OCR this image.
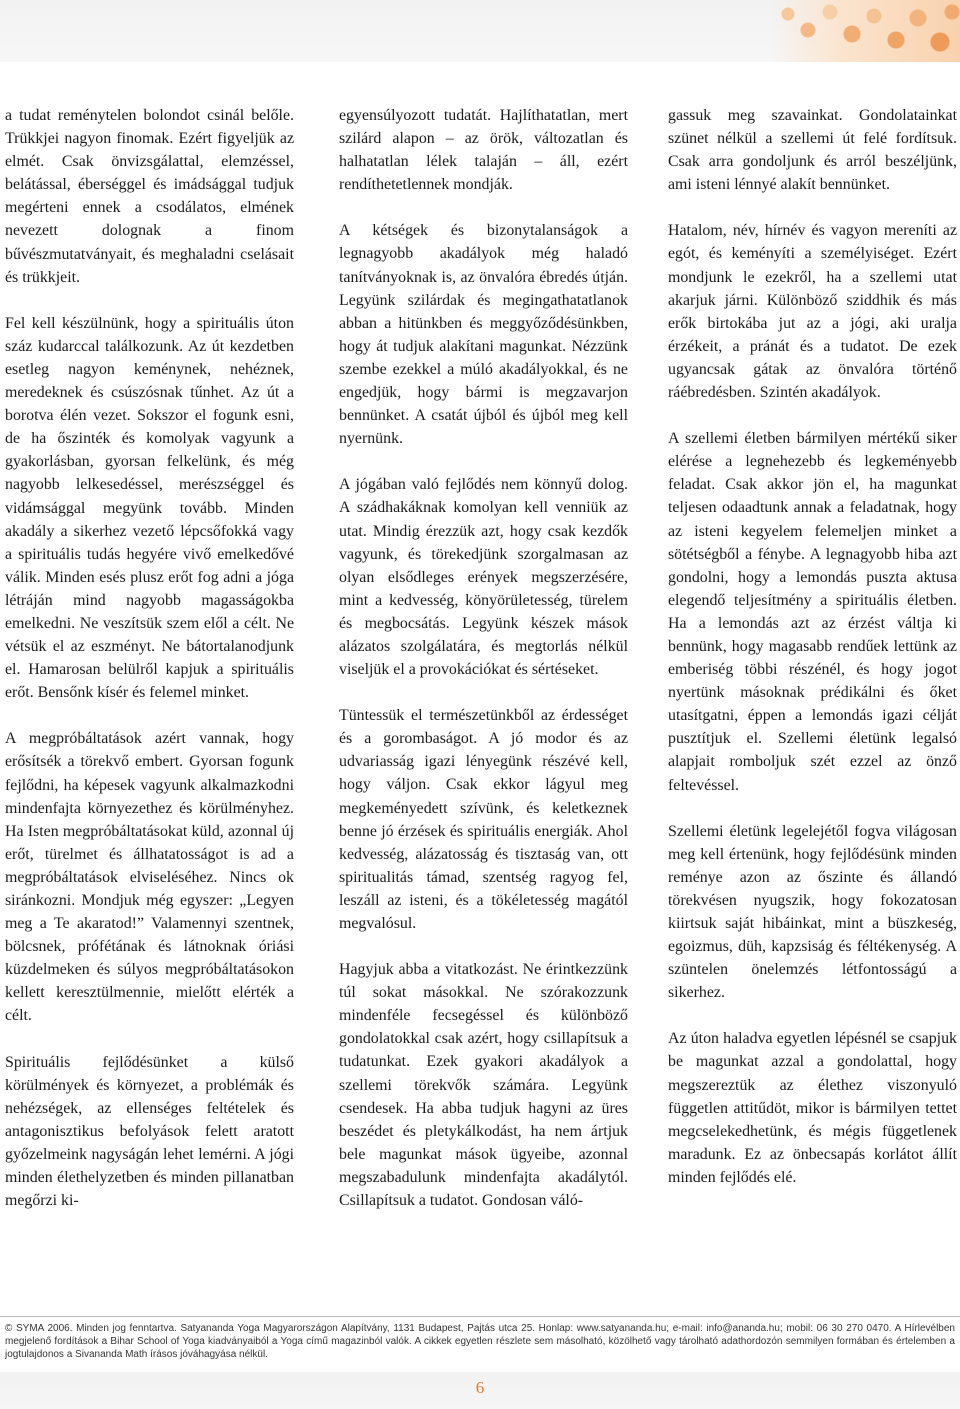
a tudat reménytelen bolondot csinál belőle. Trükkjei nagyon finomak. Ezért figyeljük az elmét. Csak önvizsgálattal, elemzéssel, belátással, éberséggel és imádsággal tudjuk megérteni ennek a csodálatos, elmének nevezett dolognak a finom bűvészmutatványait, és meghaladni cselásait és trükkjeit.

Fel kell készülnünk, hogy a spirituális úton száz kudarccal találkozunk. Az út kezdetben esetleg nagyon keménynek, nehéznek, meredeknek és csúszósnak tűnhet. Az út a borotva élén vezet. Sokszor el fogunk esni, de ha őszinték és komolyak vagyunk a gyakorlásban, gyorsan felkelünk, és még nagyobb lelkesedéssel, merészséggel és vidámsággal megyünk tovább. Minden akadály a sikerhez vezető lépcsőfokká vagy a spirituális tudás hegyére vivő emelkedővé válik. Minden esés plusz erőt fog adni a jóga létráján mind nagyobb magasságokba emelkedni. Ne veszítsük szem elől a célt. Ne vétsük el az eszményt. Ne bátortalanodjunk el. Hamarosan belülről kapjuk a spirituális erőt. Bensőnk kísér és felemel minket.

A megpróbáltatások azért vannak, hogy erősítsék a törekvő embert. Gyorsan fogunk fejlődni, ha képesek vagyunk alkalmazkodni mindenfajta környezethez és körülményhez. Ha Isten megpróbáltatásokat küld, azonnal új erőt, türelmet és állhatatosságot is ad a megpróbáltatások elviseléséhez. Nincs ok siránkozni. Mondjuk még egyszer: „Legyen meg a Te akaratod!” Valamennyi szentnek, bölcsnek, prófétának és látnoknak óriási küzdelmeken és súlyos megpróbáltatásokon kellett keresztülmennie, mielőtt elérték a célt.

Spirituális fejlődésünket a külső körülmények és környezet, a problémák és nehézségek, az ellenséges feltételek és antagonisztikus befolyások felett aratott győzelmeink nagyságán lehet lemérni. A jógi minden élethelyzetben és minden pillanatban megőrzi ki-

egyensúlyozott tudatát. Hajlíthatatlan, mert szilárd alapon – az örök, változatlan és halhatatlan lélek talaján – áll, ezért rendíthetetlennek mondják.

A kétségek és bizonytalanságok a legnagyobb akadályok még haladó tanítványoknak is, az önvalóra ébredés útján. Legyünk szilárdak és megingathatatlanok abban a hitünkben és meggyőződésünkben, hogy át tudjuk alakítani magunkat. Nézzünk szembe ezekkel a múló akadályokkal, és ne engedjük, hogy bármi is megzavarjon bennünket. A csatát újból és újból meg kell nyernünk.

A jógában való fejlődés nem könnyű dolog. A szádhakáknak komolyan kell venniük az utat. Mindig érezzük azt, hogy csak kezdők vagyunk, és törekedjünk szorgalmasan az olyan elsődleges erények megszerzésére, mint a kedvesség, könyörületesség, türelem és megbocsátás. Legyünk készek mások alázatos szolgálatára, és megtorlás nélkül viseljük el a provokációkat és sértéseket.

Tüntessük el természetünkből az érdességet és a gorombaságot. A jó modor és az udvariasság igazi lényegünk részévé kell, hogy váljon. Csak ekkor lágyul meg megkeményedett szívünk, és keletkeznek benne jó érzések és spirituális energiák. Ahol kedvesség, alázatosság és tisztaság van, ott spiritualitás támad, szentség ragyog fel, leszáll az isteni, és a tökéletesség magától megvalósul.

Hagyjuk abba a vitatkozást. Ne érintkezzünk túl sokat másokkal. Ne szórakozzunk mindenféle fecsegéssel és különböző gondolatokkal csak azért, hogy csillapítsuk a tudatunkat. Ezek gyakori akadályok a szellemi törekvők számára. Legyünk csendesek. Ha abba tudjuk hagyni az üres beszédet és pletykálkodást, ha nem ártjuk bele magunkat mások ügyeibe, azonnal megszabadulunk mindenfajta akadálytól. Csillapítsuk a tudatot. Gondosan váló-

gassuk meg szavainkat. Gondolatainkat szünet nélkül a szellemi út felé fordítsuk. Csak arra gondoljunk és arról beszéljünk, ami isteni lénnyé alakít bennünket.

Hatalom, név, hírnév és vagyon mereníti az egót, és keményíti a személyiséget. Ezért mondjunk le ezekről, ha a szellemi utat akarjuk járni. Különböző sziddhik és más erők birtokába jut az a jógi, aki uralja érzékeit, a pránát és a tudatot. De ezek ugyancsak gátak az önvalóra történő ráébredésben. Szintén akadályok.

A szellemi életben bármilyen mértékű siker elérése a legnehezebb és legkeményebb feladat. Csak akkor jön el, ha magunkat teljesen odaadtunk annak a feladatnak, hogy az isteni kegyelem felemeljen minket a sötétségből a fénybe. A legnagyobb hiba azt gondolni, hogy a lemondás puszta aktusa elegendő teljesítmény a spirituális életben. Ha a lemondás azt az érzést váltja ki bennünk, hogy magasabb rendűek lettünk az emberiség többi részénél, és hogy jogot nyertünk másoknak prédikálni és őket utasítgatni, éppen a lemondás igazi célját pusztítjuk el. Szellemi életünk legalsó alapjait romboljuk szét ezzel az önző feltevéssel.

Szellemi életünk legelejétől fogva világosan meg kell értenünk, hogy fejlődésünk minden reménye azon az őszinte és állandó törekvésen nyugszik, hogy fokozatosan kiirtsuk saját hibáinkat, mint a büszkeség, egoizmus, düh, kapzsiság és féltékenység. A szüntelen önelemzés létfontosságú a sikerhez.

Az úton haladva egyetlen lépésnél se csapjuk be magunkat azzal a gondolattal, hogy megszereztük az élethez viszonyuló független attitűdöt, mikor is bármilyen tettet megcselekedhetünk, és mégis függetlenek maradunk. Ez az önbecsapás korlátot állít minden fejlődés elé.

© SYMA 2006. Minden jog fenntartva. Satyananda Yoga Magyarországon Alapítvány, 1131 Budapest, Pajtás utca 25. Honlap: www.satyananda.hu; e-mail: info@ananda.hu; mobil: 06 30 270 0470. A Hírlevélben megjelenő fordítások a Bihar School of Yoga kiadványaiból a Yoga című magazinból valók. A cikkek egyetlen részlete sem másolható, közölhető vagy tárolható adathordozón semmilyen formában és értelemben a jogtulajdonos a Sivananda Math írásos jóváhagyása nélkül.
6
